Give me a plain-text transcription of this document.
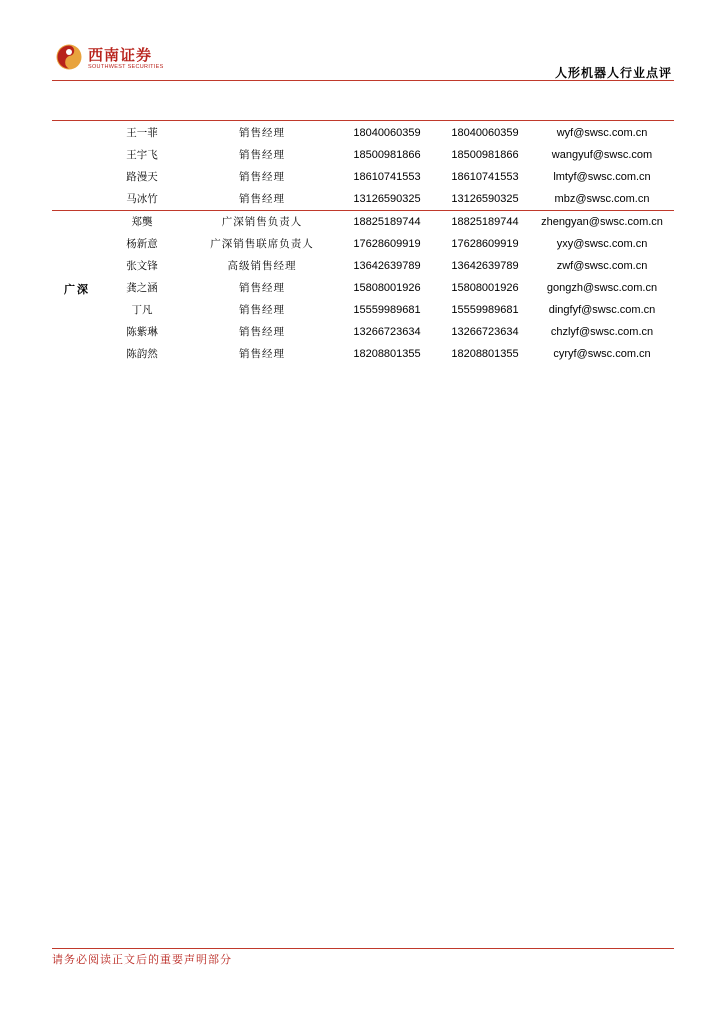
西南证券
SOUTHWEST SECURITIES	人形机器人行业点评
王一菲	销售经理	18040060359	18040060359	wyf@swsc.com.cn
王宇飞	销售经理	18500981866	18500981866	wangyuf@swsc.com
路漫天	销售经理	18610741553	18610741553	lmtyf@swsc.com.cn
马冰竹	销售经理	13126590325	13126590325	mbz@swsc.com.cn
郑龑	广深销售负责人	18825189744	18825189744	zhengyan@swsc.com.cn
杨新意	广深销售联席负责人	17628609919	17628609919	yxy@swsc.com.cn
张文锋	高级销售经理	13642639789	13642639789	zwf@swsc.com.cn
龚之涵	销售经理	15808001926	15808001926	gongzh@swsc.com.cn
丁凡	销售经理	15559989681	15559989681	dingfyf@swsc.com.cn
陈紫琳	销售经理	13266723634	13266723634	chzlyf@swsc.com.cn
陈韵然	销售经理	18208801355	18208801355	cyryf@swsc.com.cn
广深
请务必阅读正文后的重要声明部分
